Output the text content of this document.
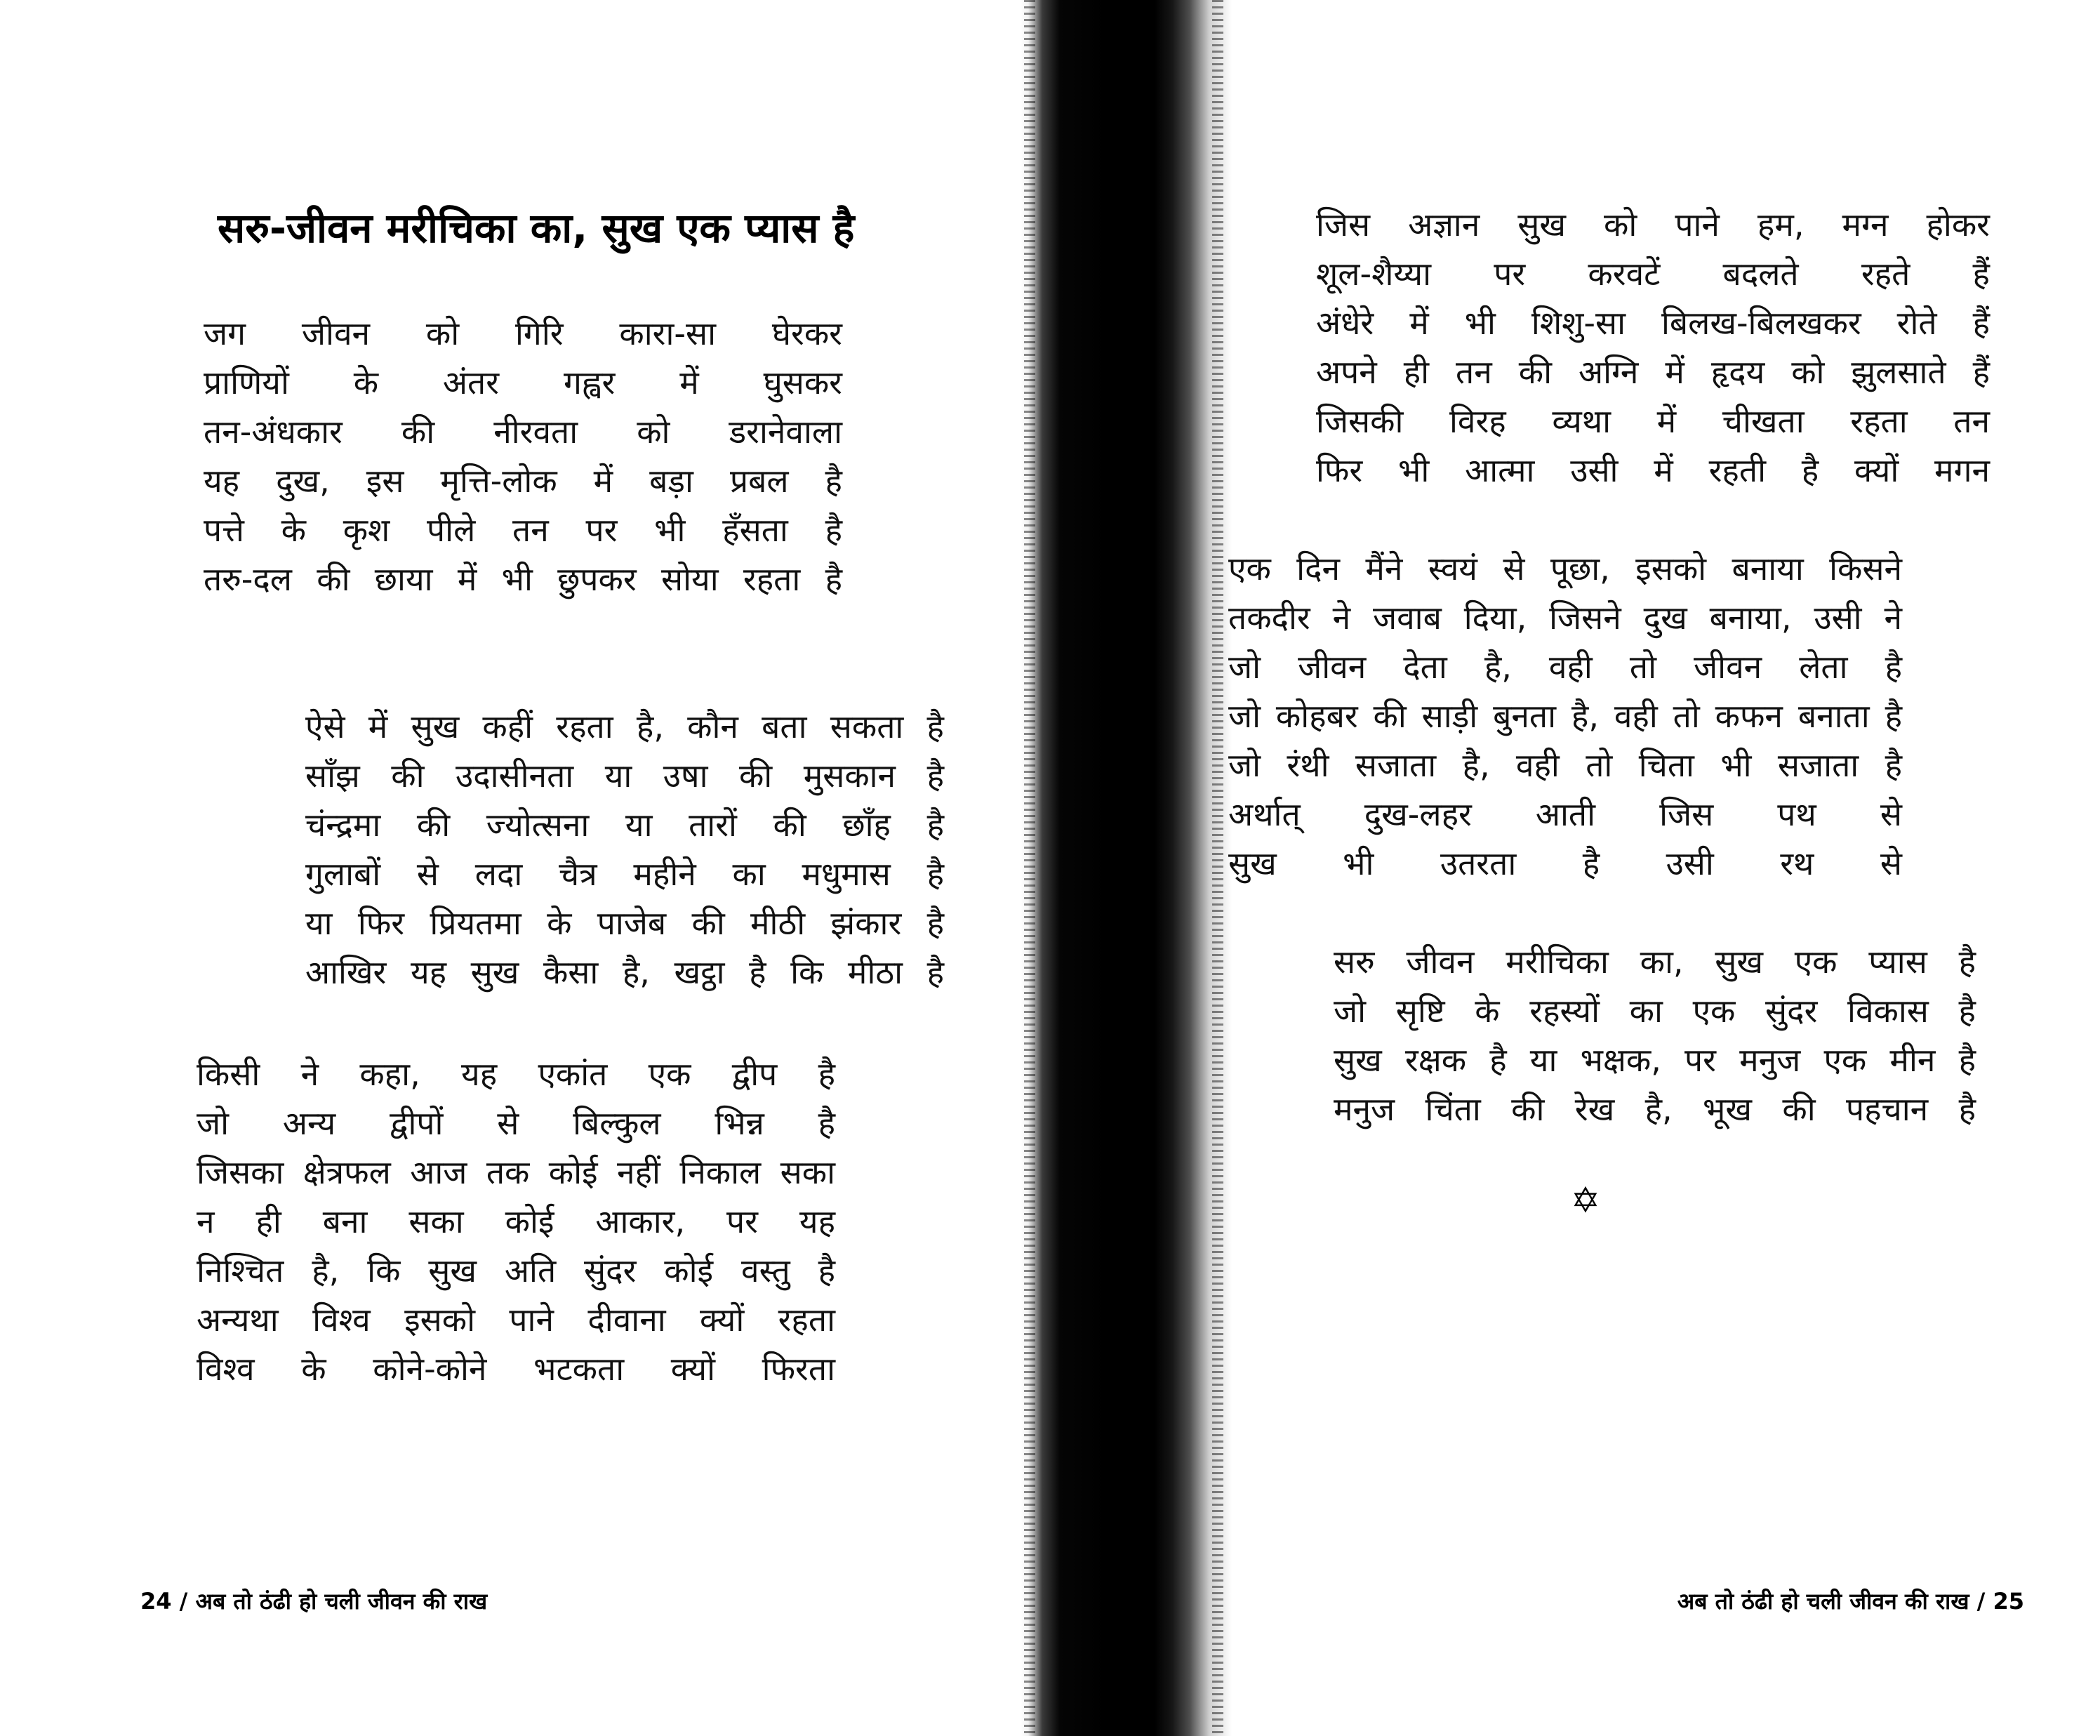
सरु-जीवन मरीचिका का, सुख एक प्यास है
जग जीवन को गिरि कारा-सा घेरकर
प्राणियों के अंतर गह्वर में घुसकर
तन-अंधकार की नीरवता को डरानेवाला
यह दुख, इस मृत्ति-लोक में बड़ा प्रबल है
पत्ते के कृश पीले तन पर भी हँसता है
तरु-दल की छाया में भी छुपकर सोया रहता है
ऐसे में सुख कहीं रहता है, कौन बता सकता है
साँझ की उदासीनता या उषा की मुसकान है
चंन्द्रमा की ज्योत्सना या तारों की छाँह है
गुलाबों से लदा चैत्र महीने का मधुमास है
या फिर प्रियतमा के पाजेब की मीठी झंकार है
आखिर यह सुख कैसा है, खट्ठा है कि मीठा है
किसी ने कहा, यह एकांत एक द्वीप है
जो अन्य द्वीपों से बिल्कुल भिन्न है
जिसका क्षेत्रफल आज तक कोई नहीं निकाल सका
न ही बना सका कोई आकार, पर यह
निश्चित है, कि सुख अति सुंदर कोई वस्तु है
अन्यथा विश्व इसको पाने दीवाना क्यों रहता
विश्व के कोने-कोने भटकता क्यों फिरता

24 / अब तो ठंढी हो चली जीवन की राख

जिस अज्ञान सुख को पाने हम, मग्न होकर
शूल-शैय्या पर करवटें बदलते रहते हैं
अंधेरे में भी शिशु-सा बिलख-बिलखकर रोते हैं
अपने ही तन की अग्नि में हृदय को झुलसाते हैं
जिसकी विरह व्यथा में चीखता रहता तन
फिर भी आत्मा उसी में रहती है क्यों मगन
एक दिन मैंने स्वयं से पूछा, इसको बनाया किसने
तकदीर ने जवाब दिया, जिसने दुख बनाया, उसी ने
जो जीवन देता है, वही तो जीवन लेता है
जो कोहबर की साड़ी बुनता है, वही तो कफन बनाता है
जो रंथी सजाता है, वही तो चिता भी सजाता है
अर्थात् दुख-लहर आती जिस पथ से
सुख भी उतरता है उसी रथ से
सरु जीवन मरीचिका का, सुख एक प्यास है
जो सृष्टि के रहस्यों का एक सुंदर विकास है
सुख रक्षक है या भक्षक, पर मनुज एक मीन है
मनुज चिंता की रेख है, भूख की पहचान है
✡

अब तो ठंढी हो चली जीवन की राख / 25
